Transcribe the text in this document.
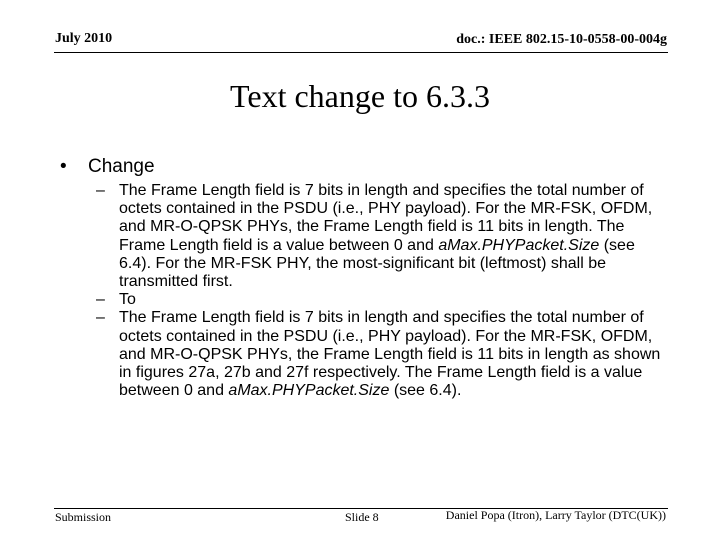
July 2010	doc.: IEEE 802.15-10-0558-00-004g
Text change to 6.3.3
• Change
– The Frame Length field is 7 bits in length and specifies the total number of octets contained in the PSDU (i.e., PHY payload). For the MR-FSK, OFDM, and MR-O-QPSK PHYs, the Frame Length field is 11 bits in length. The Frame Length field is a value between 0 and aMax.PHYPacket.Size (see 6.4). For the MR-FSK PHY, the most-significant bit (leftmost) shall be transmitted first.
– To
– The Frame Length field is 7 bits in length and specifies the total number of octets contained in the PSDU (i.e., PHY payload). For the MR-FSK, OFDM, and MR-O-QPSK PHYs, the Frame Length field is 11 bits in length as shown in figures 27a, 27b and 27f respectively. The Frame Length field is a value between 0 and aMax.PHYPacket.Size (see 6.4).
Submission	Slide 8	Daniel Popa (Itron), Larry Taylor (DTC(UK))
